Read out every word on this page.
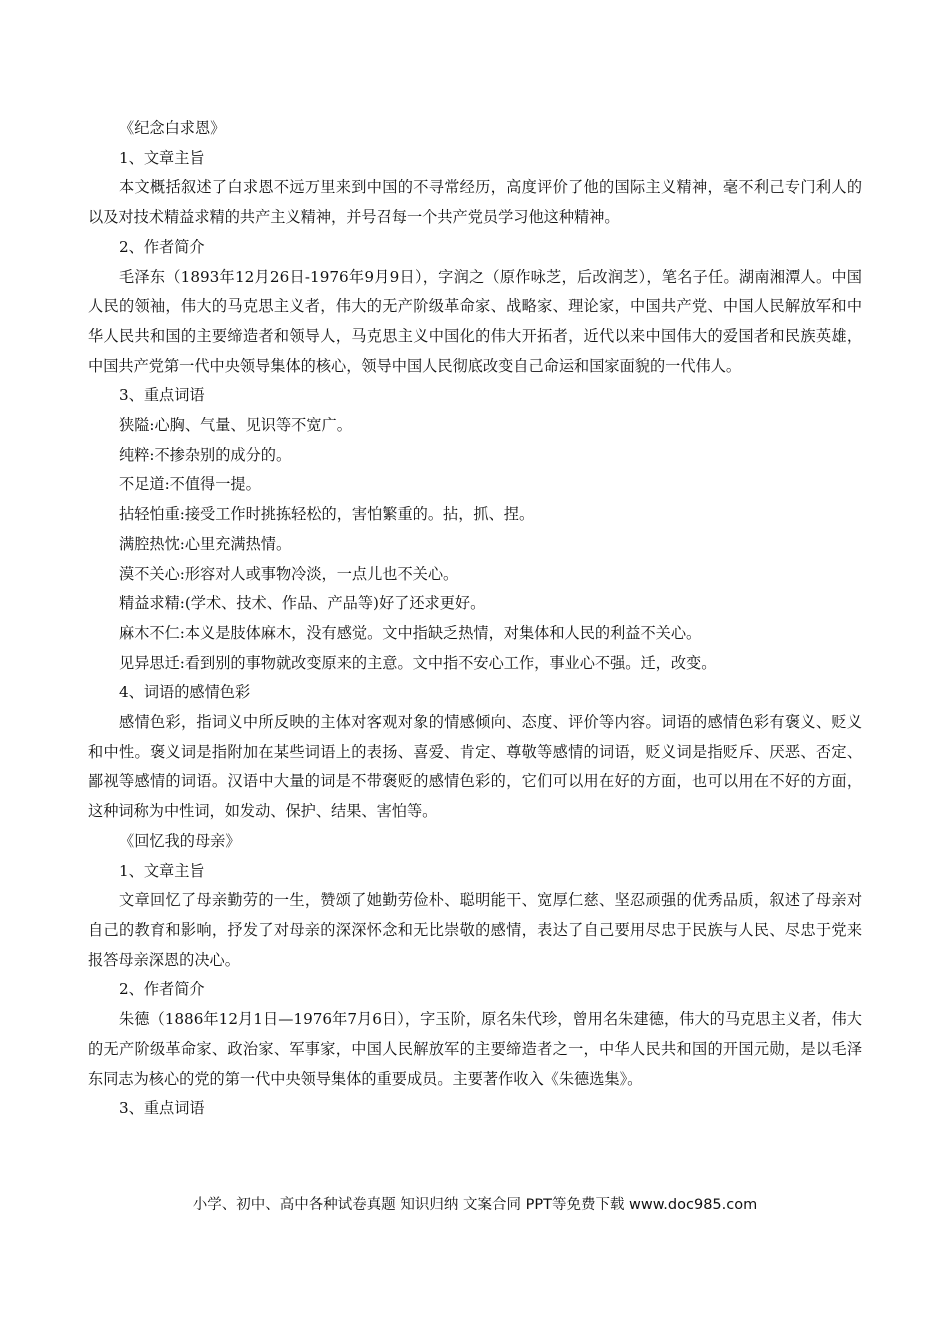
《纪念白求恩》

1、文章主旨

本文概括叙述了白求恩不远万里来到中国的不寻常经历，高度评价了他的国际主义精神，毫不利己专门利人的以及对技术精益求精的共产主义精神，并号召每一个共产党员学习他这种精神。

2、作者简介

毛泽东（1893年12月26日-1976年9月9日），字润之（原作咏芝，后改润芝），笔名子任。湖南湘潭人。中国人民的领袖，伟大的马克思主义者，伟大的无产阶级革命家、战略家、理论家，中国共产党、中国人民解放军和中华人民共和国的主要缔造者和领导人，马克思主义中国化的伟大开拓者，近代以来中国伟大的爱国者和民族英雄，中国共产党第一代中央领导集体的核心，领导中国人民彻底改变自己命运和国家面貌的一代伟人。

3、重点词语

狭隘:心胸、气量、见识等不宽广。

纯粹:不掺杂别的成分的。

不足道:不值得一提。

拈轻怕重:接受工作时挑拣轻松的，害怕繁重的。拈，抓、捏。

满腔热忱:心里充满热情。

漠不关心:形容对人或事物冷淡，一点儿也不关心。

精益求精:(学术、技术、作品、产品等)好了还求更好。

麻木不仁:本义是肢体麻木，没有感觉。文中指缺乏热情，对集体和人民的利益不关心。

见异思迁:看到别的事物就改变原来的主意。文中指不安心工作，事业心不强。迁，改变。

4、词语的感情色彩

感情色彩，指词义中所反映的主体对客观对象的情感倾向、态度、评价等内容。词语的感情色彩有褒义、贬义和中性。褒义词是指附加在某些词语上的表扬、喜爱、肯定、尊敬等感情的词语，贬义词是指贬斥、厌恶、否定、鄙视等感情的词语。汉语中大量的词是不带褒贬的感情色彩的，它们可以用在好的方面，也可以用在不好的方面，这种词称为中性词，如发动、保护、结果、害怕等。

《回忆我的母亲》

1、文章主旨

文章回忆了母亲勤劳的一生，赞颂了她勤劳俭朴、聪明能干、宽厚仁慈、坚忍顽强的优秀品质，叙述了母亲对自己的教育和影响，抒发了对母亲的深深怀念和无比崇敬的感情，表达了自己要用尽忠于民族与人民、尽忠于党来报答母亲深恩的决心。

2、作者简介

朱德（1886年12月1日—1976年7月6日），字玉阶，原名朱代珍，曾用名朱建德，伟大的马克思主义者，伟大的无产阶级革命家、政治家、军事家，中国人民解放军的主要缔造者之一，中华人民共和国的开国元勋，是以毛泽东同志为核心的党的第一代中央领导集体的重要成员。主要著作收入《朱德选集》。

3、重点词语

小学、初中、高中各种试卷真题 知识归纳 文案合同 PPT等免费下载 www.doc985.com
